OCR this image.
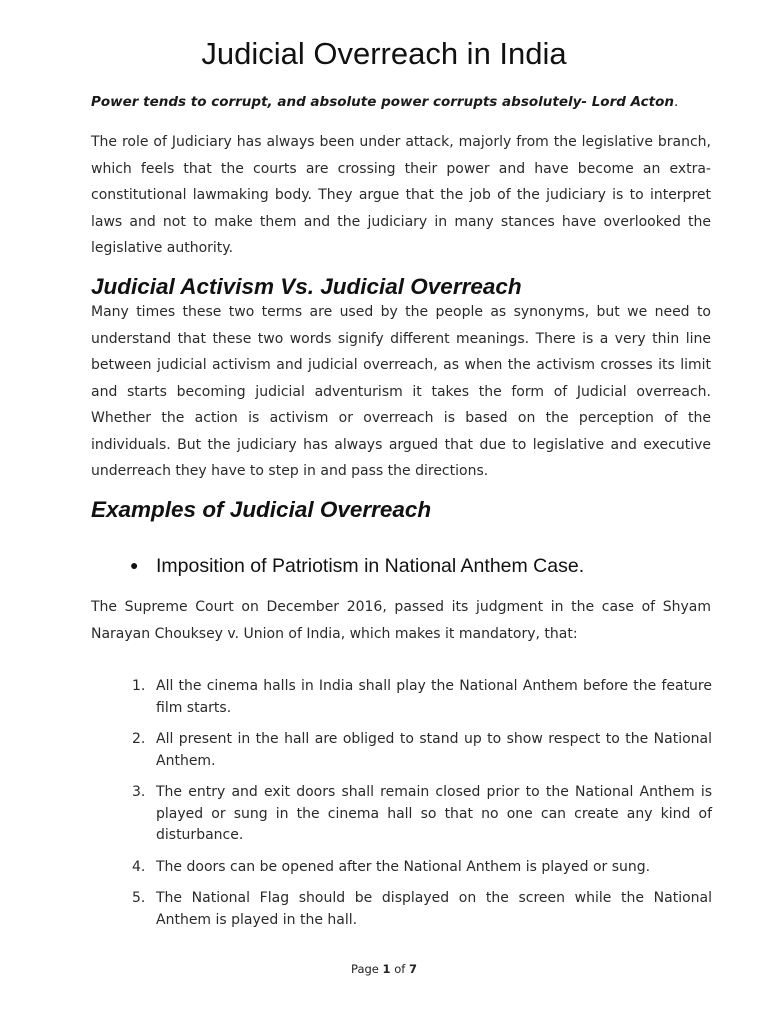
Judicial Overreach in India

Power tends to corrupt, and absolute power corrupts absolutely- Lord Acton.

The role of Judiciary has always been under attack, majorly from the legislative branch, which feels that the courts are crossing their power and have become an extra-constitutional lawmaking body. They argue that the job of the judiciary is to interpret laws and not to make them and the judiciary in many stances have overlooked the legislative authority.

Judicial Activism Vs. Judicial Overreach

Many times these two terms are used by the people as synonyms, but we need to understand that these two words signify different meanings. There is a very thin line between judicial activism and judicial overreach, as when the activism crosses its limit and starts becoming judicial adventurism it takes the form of Judicial overreach. Whether the action is activism or overreach is based on the perception of the individuals. But the judiciary has always argued that due to legislative and executive underreach they have to step in and pass the directions.

Examples of Judicial Overreach

● Imposition of Patriotism in National Anthem Case.

The Supreme Court on December 2016, passed its judgment in the case of Shyam Narayan Chouksey v. Union of India, which makes it mandatory, that:

1. All the cinema halls in India shall play the National Anthem before the feature film starts.
2. All present in the hall are obliged to stand up to show respect to the National Anthem.
3. The entry and exit doors shall remain closed prior to the National Anthem is played or sung in the cinema hall so that no one can create any kind of disturbance.
4. The doors can be opened after the National Anthem is played or sung.
5. The National Flag should be displayed on the screen while the National Anthem is played in the hall.

Page 1 of 7
